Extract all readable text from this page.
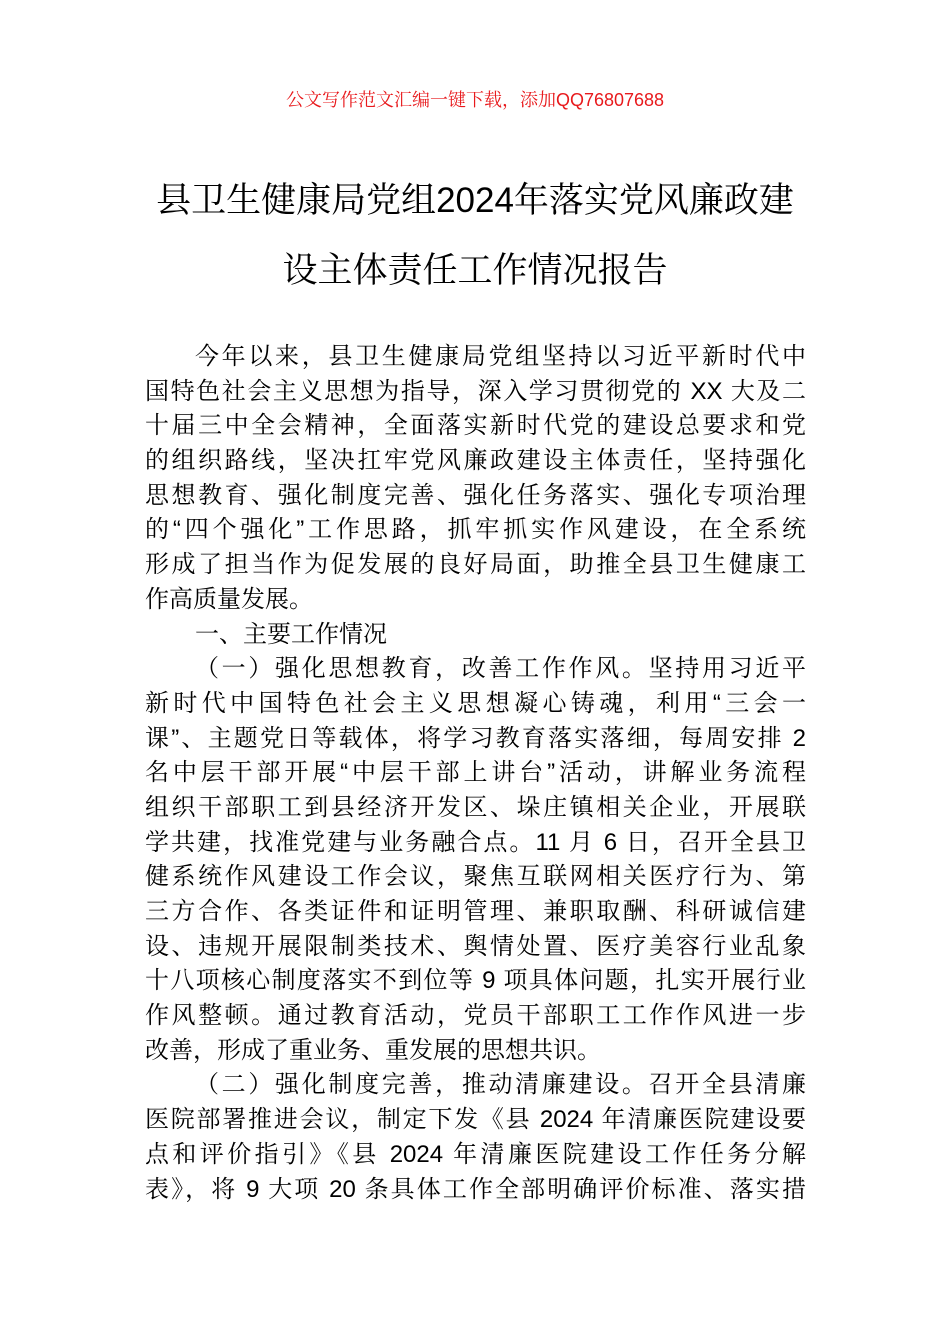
公文写作范文汇编一键下载，添加QQ76807688
县卫生健康局党组2024年落实党风廉政建
设主体责任工作情况报告
今年以来，县卫生健康局党组坚持以习近平新时代中
国特色社会主义思想为指导，深入学习贯彻党的 XX 大及二
十届三中全会精神，全面落实新时代党的建设总要求和党
的组织路线，坚决扛牢党风廉政建设主体责任，坚持强化
思想教育、强化制度完善、强化任务落实、强化专项治理
的“四个强化”工作思路，抓牢抓实作风建设，在全系统
形成了担当作为促发展的良好局面，助推全县卫生健康工
作高质量发展。
一、主要工作情况
（一）强化思想教育，改善工作作风。坚持用习近平
新时代中国特色社会主义思想凝心铸魂，利用“三会一
课”、主题党日等载体，将学习教育落实落细，每周安排 2
名中层干部开展“中层干部上讲台”活动，讲解业务流程
组织干部职工到县经济开发区、垛庄镇相关企业，开展联
学共建，找准党建与业务融合点。11 月 6 日，召开全县卫
健系统作风建设工作会议，聚焦互联网相关医疗行为、第
三方合作、各类证件和证明管理、兼职取酬、科研诚信建
设、违规开展限制类技术、舆情处置、医疗美容行业乱象
十八项核心制度落实不到位等 9 项具体问题，扎实开展行业
作风整顿。通过教育活动，党员干部职工工作作风进一步
改善，形成了重业务、重发展的思想共识。
（二）强化制度完善，推动清廉建设。召开全县清廉
医院部署推进会议，制定下发《县 2024 年清廉医院建设要
点和评价指引》《县 2024 年清廉医院建设工作任务分解
表》，将 9 大项 20 条具体工作全部明确评价标准、落实措
